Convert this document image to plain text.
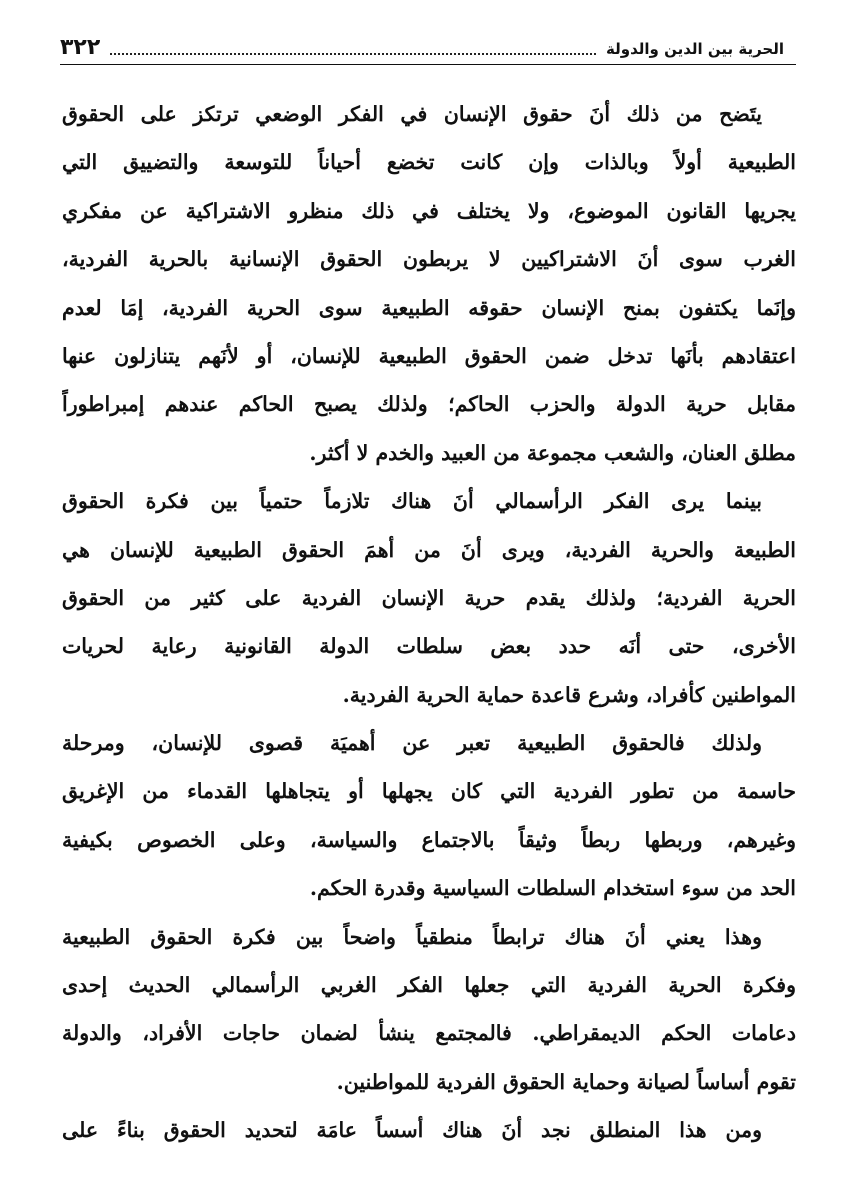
الحرية بين الدين والدولة
٣٢٢
يتَضح من ذلك أنَ حقوق الإنسان في الفكر الوضعي ترتكز على الحقوق
الطبيعية أولاً وبالذات وإن كانت تخضع أحياناً للتوسعة والتضييق التي
يجريها القانون الموضوع، ولا يختلف في ذلك منظرو الاشتراكية عن مفكري
الغرب سوى أنَ الاشتراكيين لا يربطون الحقوق الإنسانية بالحرية الفردية،
وإنَما يكتفون بمنح الإنسان حقوقه الطبيعية سوى الحرية الفردية، إمَا لعدم
اعتقادهم بأنَها تدخل ضمن الحقوق الطبيعية للإنسان، أو لأنَهم يتنازلون عنها
مقابل حرية الدولة والحزب الحاكم؛ ولذلك يصبح الحاكم عندهم إمبراطوراً
مطلق العنان، والشعب مجموعة من العبيد والخدم لا أكثر.
بينما يرى الفكر الرأسمالي أنَ هناك تلازماً حتمياً بين فكرة الحقوق
الطبيعة والحرية الفردية، ويرى أنَ من أهمَ الحقوق الطبيعية للإنسان هي
الحرية الفردية؛ ولذلك يقدم حرية الإنسان الفردية على كثير من الحقوق
الأخرى، حتى أنَه حدد بعض سلطات الدولة القانونية رعاية لحريات
المواطنين كأفراد، وشرع قاعدة حماية الحرية الفردية.
ولذلك فالحقوق الطبيعية تعبر عن أهميَة قصوى للإنسان، ومرحلة
حاسمة من تطور الفردية التي كان يجهلها أو يتجاهلها القدماء من الإغريق
وغيرهم، وربطها ربطاً وثيقاً بالاجتماع والسياسة، وعلى الخصوص بكيفية
الحد من سوء استخدام السلطات السياسية وقدرة الحكم.
وهذا يعني أنَ هناك ترابطاً منطقياً واضحاً بين فكرة الحقوق الطبيعية
وفكرة الحرية الفردية التي جعلها الفكر الغربي الرأسمالي الحديث إحدى
دعامات الحكم الديمقراطي. فالمجتمع ينشأ لضمان حاجات الأفراد، والدولة
تقوم أساساً لصيانة وحماية الحقوق الفردية للمواطنين.
ومن هذا المنطلق نجد أنَ هناك أسساً عامَة لتحديد الحقوق بناءً على
